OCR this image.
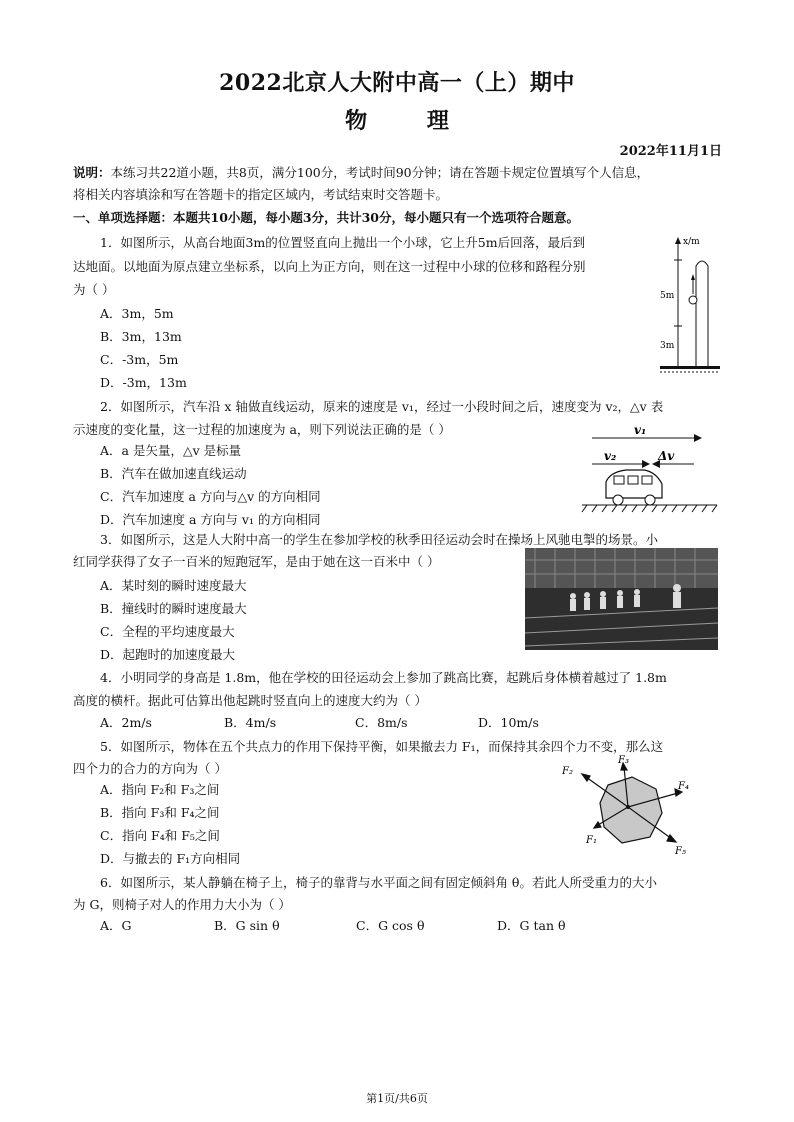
2022北京人大附中高一（上）期中
物 理
2022年11月1日
说明：本练习共22道小题，共8页，满分100分，考试时间90分钟；请在答题卡规定位置填写个人信息，
将相关内容填涂和写在答题卡的指定区域内，考试结束时交答题卡。
一、单项选择题：本题共10小题，每小题3分，共计30分，每小题只有一个选项符合题意。
1．如图所示，从高台地面3m的位置竖直向上抛出一个小球，它上升5m后回落，最后到
达地面。以地面为原点建立坐标系，以向上为正方向，则在这一过程中小球的位移和路程分别
为（ ）
A．3m，5m
B．3m，13m
C．-3m，5m
D．-3m，13m
x/m
5m
3m
2．如图所示，汽车沿 x 轴做直线运动，原来的速度是 v₁，经过一小段时间之后，速度变为 v₂，△v 表
示速度的变化量，这一过程的加速度为 a，则下列说法正确的是（ ）
A．a 是矢量，△v 是标量
B．汽车在做加速直线运动
C．汽车加速度 a 方向与△v 的方向相同
D．汽车加速度 a 方向与 v₁ 的方向相同
v₁
v₂	Δv
3．如图所示，这是人大附中高一的学生在参加学校的秋季田径运动会时在操场上风驰电掣的场景。小
红同学获得了女子一百米的短跑冠军，是由于她在这一百米中（ ）
A．某时刻的瞬时速度最大
B．撞线时的瞬时速度最大
C．全程的平均速度最大
D．起跑时的加速度最大
4．小明同学的身高是 1.8m，他在学校的田径运动会上参加了跳高比赛，起跳后身体横着越过了 1.8m
高度的横杆。据此可估算出他起跳时竖直向上的速度大约为（ ）
A．2m/s	B．4m/s	C．8m/s	D．10m/s
5．如图所示，物体在五个共点力的作用下保持平衡，如果撤去力 F₁，而保持其余四个力不变，那么这
四个力的合力的方向为（ ）
A．指向 F₂和 F₃之间
B．指向 F₃和 F₄之间
C．指向 F₄和 F₅之间
D．与撤去的 F₁方向相同
F₂
F₃
F₄
F₅
F₁
6．如图所示，某人静躺在椅子上，椅子的靠背与水平面之间有固定倾斜角 θ。若此人所受重力的大小
为 G，则椅子对人的作用力大小为（ ）
A．G	B．G sin θ	C．G cos θ	D．G tan θ
第1页/共6页
